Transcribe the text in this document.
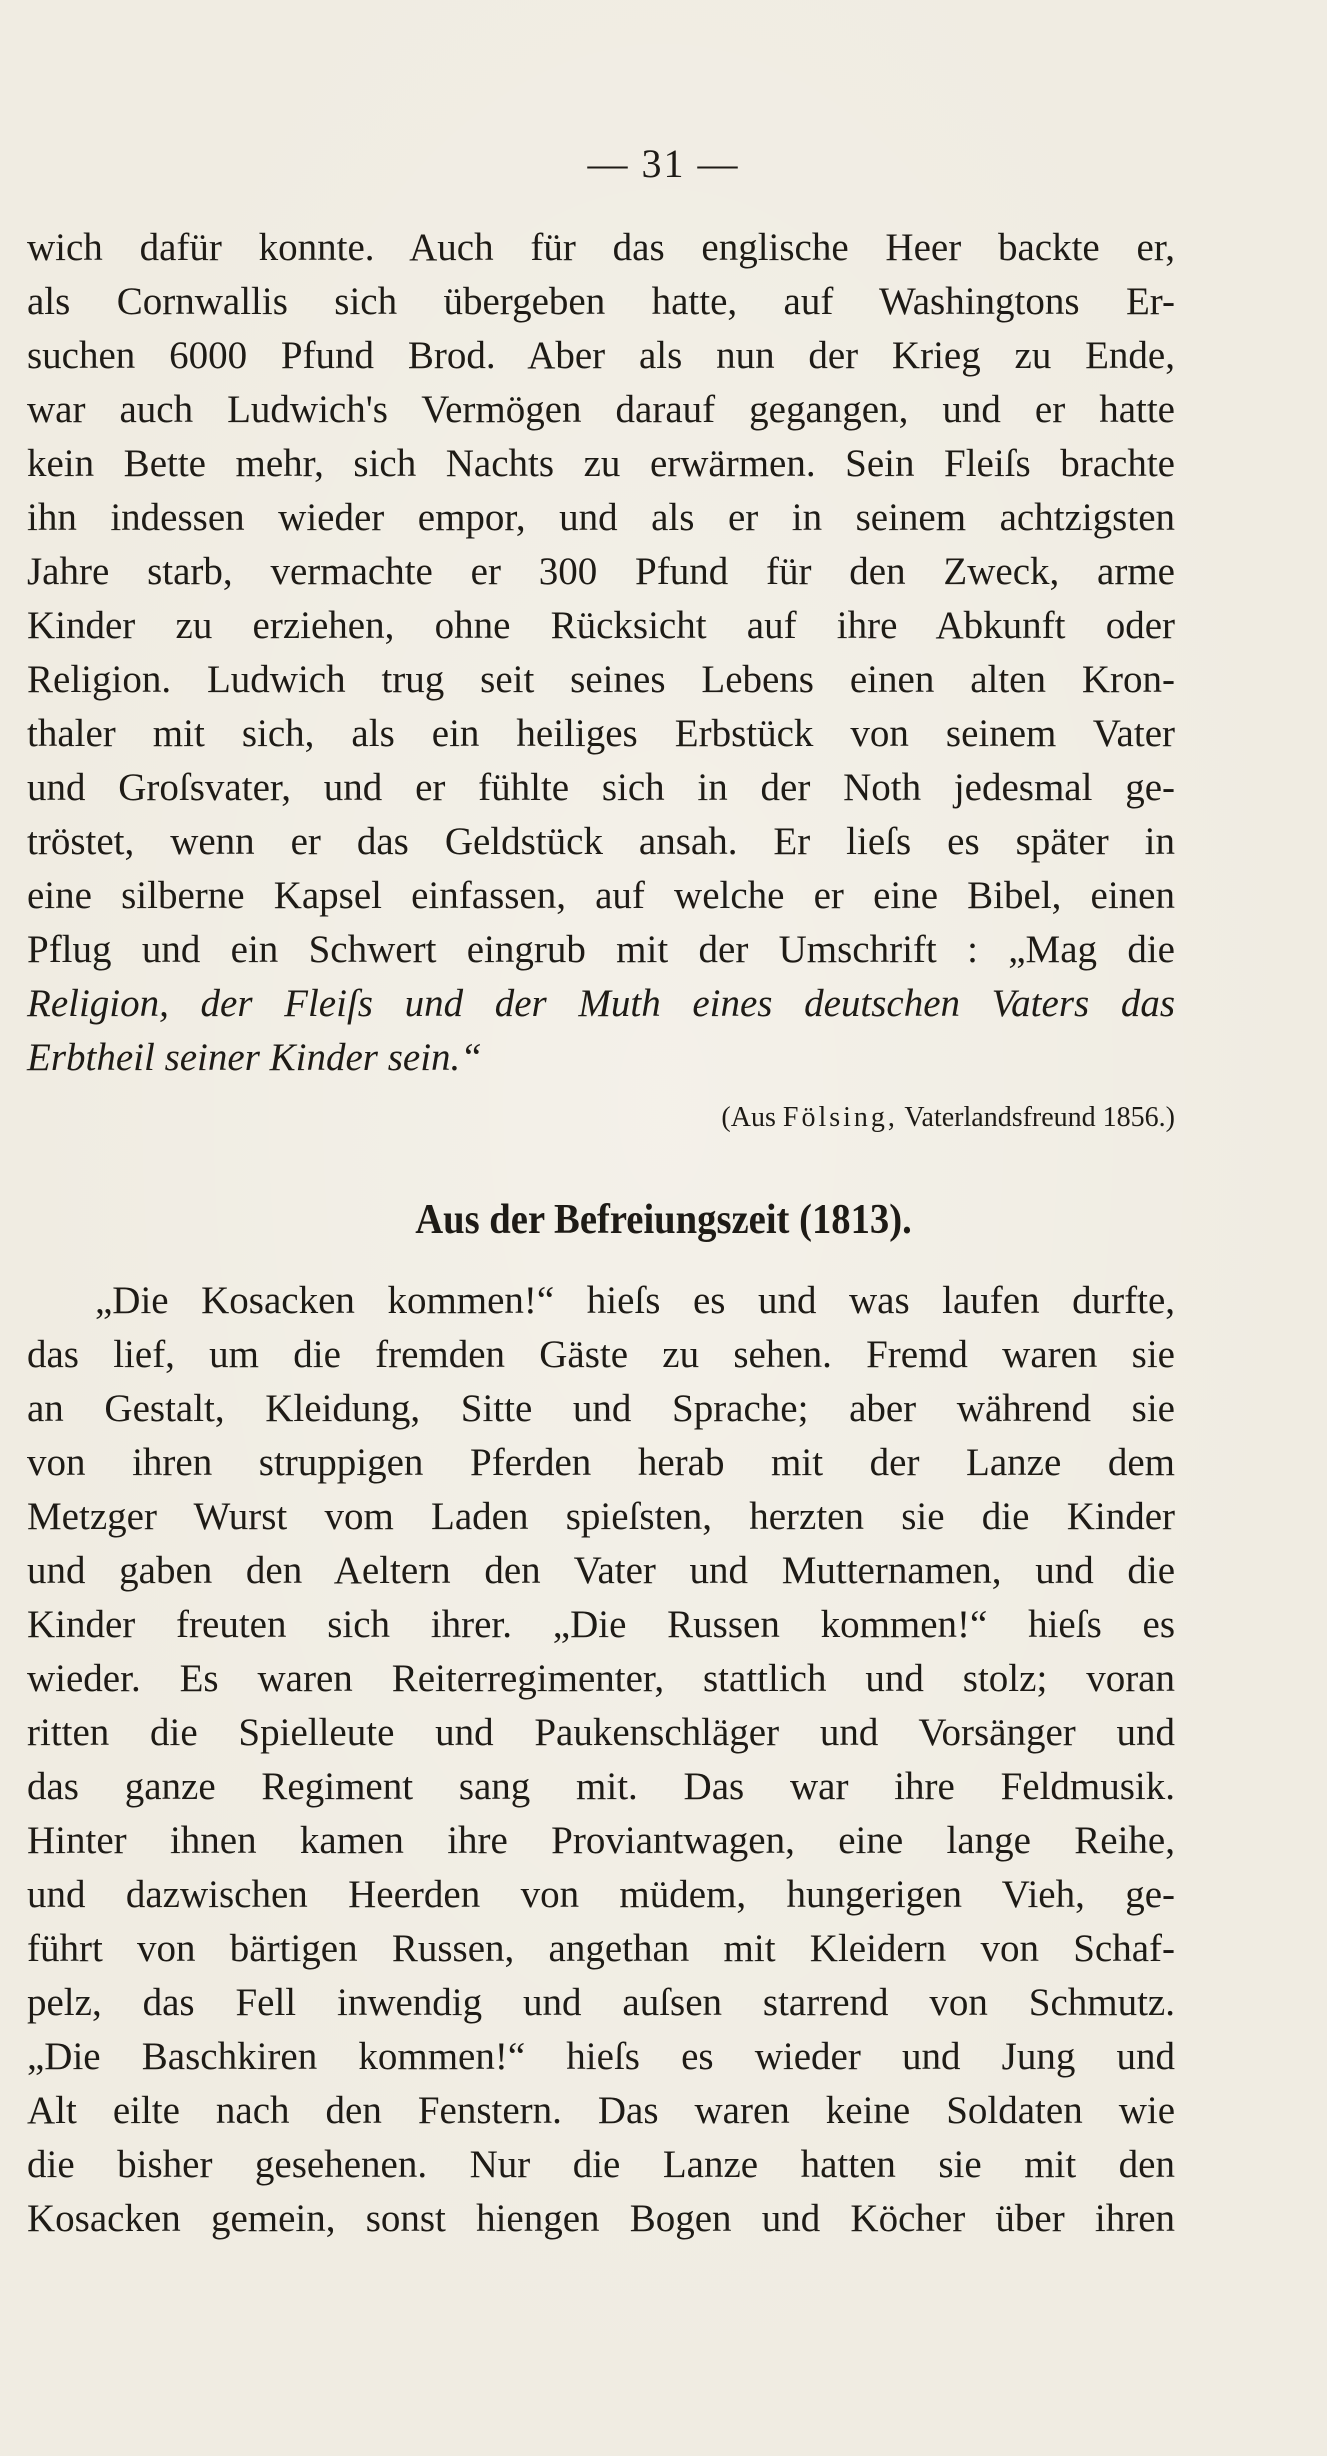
— 31 —
wich dafür konnte. Auch für das englische Heer backte er,
als Cornwallis sich übergeben hatte, auf Washingtons Er-
suchen 6000 Pfund Brod. Aber als nun der Krieg zu Ende,
war auch Ludwich's Vermögen darauf gegangen, und er hatte
kein Bette mehr, sich Nachts zu erwärmen. Sein Fleiſs brachte
ihn indessen wieder empor, und als er in seinem achtzigsten
Jahre starb, vermachte er 300 Pfund für den Zweck, arme
Kinder zu erziehen, ohne Rücksicht auf ihre Abkunft oder
Religion. Ludwich trug seit seines Lebens einen alten Kron-
thaler mit sich, als ein heiliges Erbstück von seinem Vater
und Groſsvater, und er fühlte sich in der Noth jedesmal ge-
tröstet, wenn er das Geldstück ansah. Er lieſs es später in
eine silberne Kapsel einfassen, auf welche er eine Bibel, einen
Pflug und ein Schwert eingrub mit der Umschrift : „Mag die
Religion, der Fleiſs und der Muth eines deutschen Vaters das
Erbtheil seiner Kinder sein.“
(Aus Fölsing, Vaterlandsfreund 1856.)
Aus der Befreiungszeit (1813).
„Die Kosacken kommen!“ hieſs es und was laufen durfte,
das lief, um die fremden Gäste zu sehen. Fremd waren sie
an Gestalt, Kleidung, Sitte und Sprache; aber während sie
von ihren struppigen Pferden herab mit der Lanze dem
Metzger Wurst vom Laden spieſsten, herzten sie die Kinder
und gaben den Aeltern den Vater und Mutternamen, und die
Kinder freuten sich ihrer. „Die Russen kommen!“ hieſs es
wieder. Es waren Reiterregimenter, stattlich und stolz; voran
ritten die Spielleute und Paukenschläger und Vorsänger und
das ganze Regiment sang mit. Das war ihre Feldmusik.
Hinter ihnen kamen ihre Proviantwagen, eine lange Reihe,
und dazwischen Heerden von müdem, hungerigen Vieh, ge-
führt von bärtigen Russen, angethan mit Kleidern von Schaf-
pelz, das Fell inwendig und auſsen starrend von Schmutz.
„Die Baschkiren kommen!“ hieſs es wieder und Jung und
Alt eilte nach den Fenstern. Das waren keine Soldaten wie
die bisher gesehenen. Nur die Lanze hatten sie mit den
Kosacken gemein, sonst hiengen Bogen und Köcher über ihren
